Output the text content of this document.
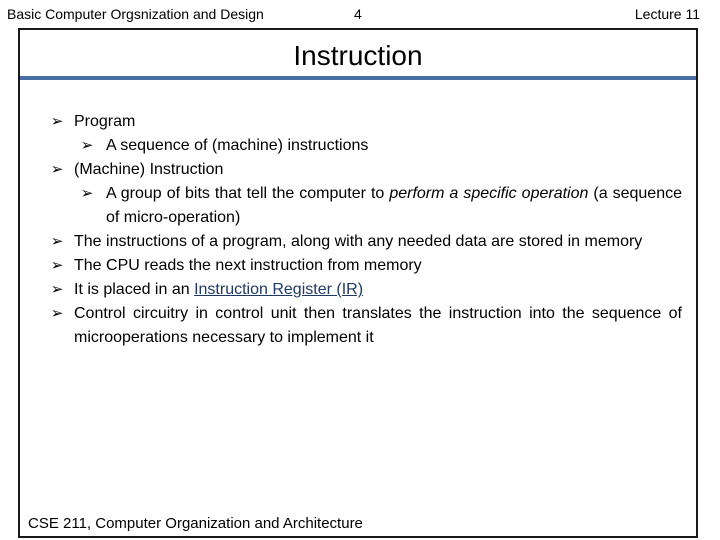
Basic Computer Orgsnization and Design	4	Lecture 11
Instruction
➢ Program
➢ A sequence of (machine) instructions
➢ (Machine) Instruction
➢ A group of bits that tell the computer to perform a specific operation (a sequence of micro-operation)
➢ The instructions of a program, along with any needed data are stored in memory
➢ The CPU reads the next instruction from memory
➢ It is placed in an Instruction Register (IR)
➢ Control circuitry in control unit then translates the instruction into the sequence of microoperations necessary to implement it
CSE 211, Computer Organization and Architecture
